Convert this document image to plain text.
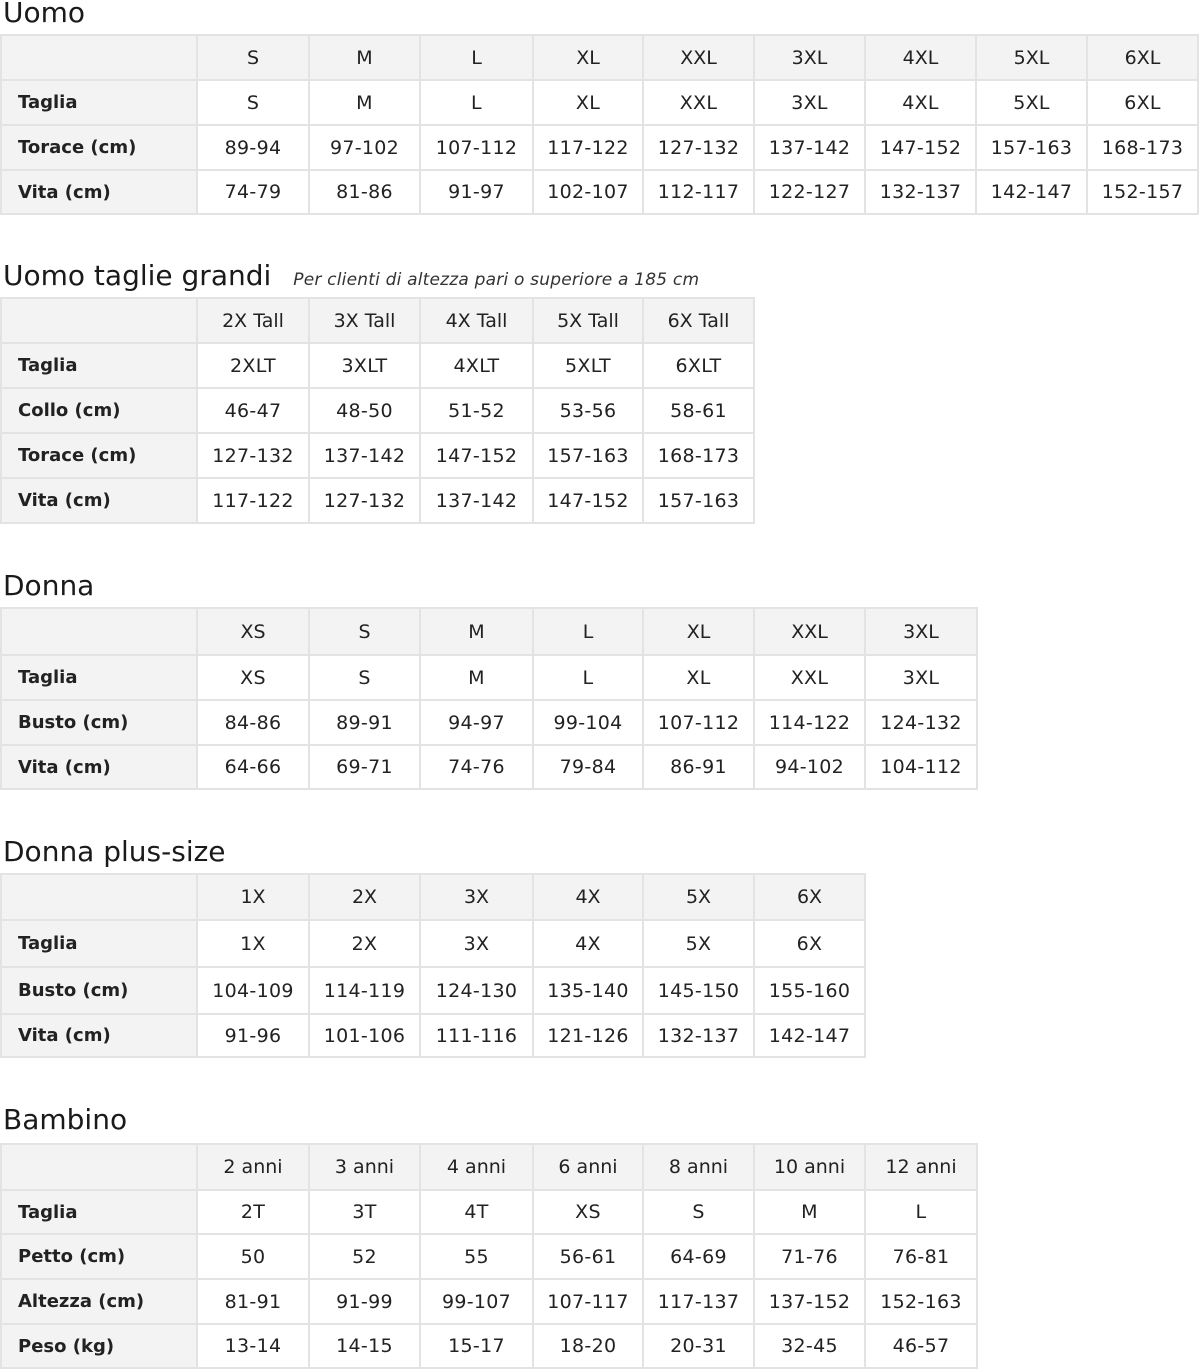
Uomo
	S	M	L	XL	XXL	3XL	4XL	5XL	6XL
Taglia	S	M	L	XL	XXL	3XL	4XL	5XL	6XL
Torace (cm)	89-94	97-102	107-112	117-122	127-132	137-142	147-152	157-163	168-173
Vita (cm)	74-79	81-86	91-97	102-107	112-117	122-127	132-137	142-147	152-157
Uomo taglie grandi Per clienti di altezza pari o superiore a 185 cm
	2X Tall	3X Tall	4X Tall	5X Tall	6X Tall
Taglia	2XLT	3XLT	4XLT	5XLT	6XLT
Collo (cm)	46-47	48-50	51-52	53-56	58-61
Torace (cm)	127-132	137-142	147-152	157-163	168-173
Vita (cm)	117-122	127-132	137-142	147-152	157-163
Donna
	XS	S	M	L	XL	XXL	3XL
Taglia	XS	S	M	L	XL	XXL	3XL
Busto (cm)	84-86	89-91	94-97	99-104	107-112	114-122	124-132
Vita (cm)	64-66	69-71	74-76	79-84	86-91	94-102	104-112
Donna plus-size
	1X	2X	3X	4X	5X	6X
Taglia	1X	2X	3X	4X	5X	6X
Busto (cm)	104-109	114-119	124-130	135-140	145-150	155-160
Vita (cm)	91-96	101-106	111-116	121-126	132-137	142-147
Bambino
	2 anni	3 anni	4 anni	6 anni	8 anni	10 anni	12 anni
Taglia	2T	3T	4T	XS	S	M	L
Petto (cm)	50	52	55	56-61	64-69	71-76	76-81
Altezza (cm)	81-91	91-99	99-107	107-117	117-137	137-152	152-163
Peso (kg)	13-14	14-15	15-17	18-20	20-31	32-45	46-57
